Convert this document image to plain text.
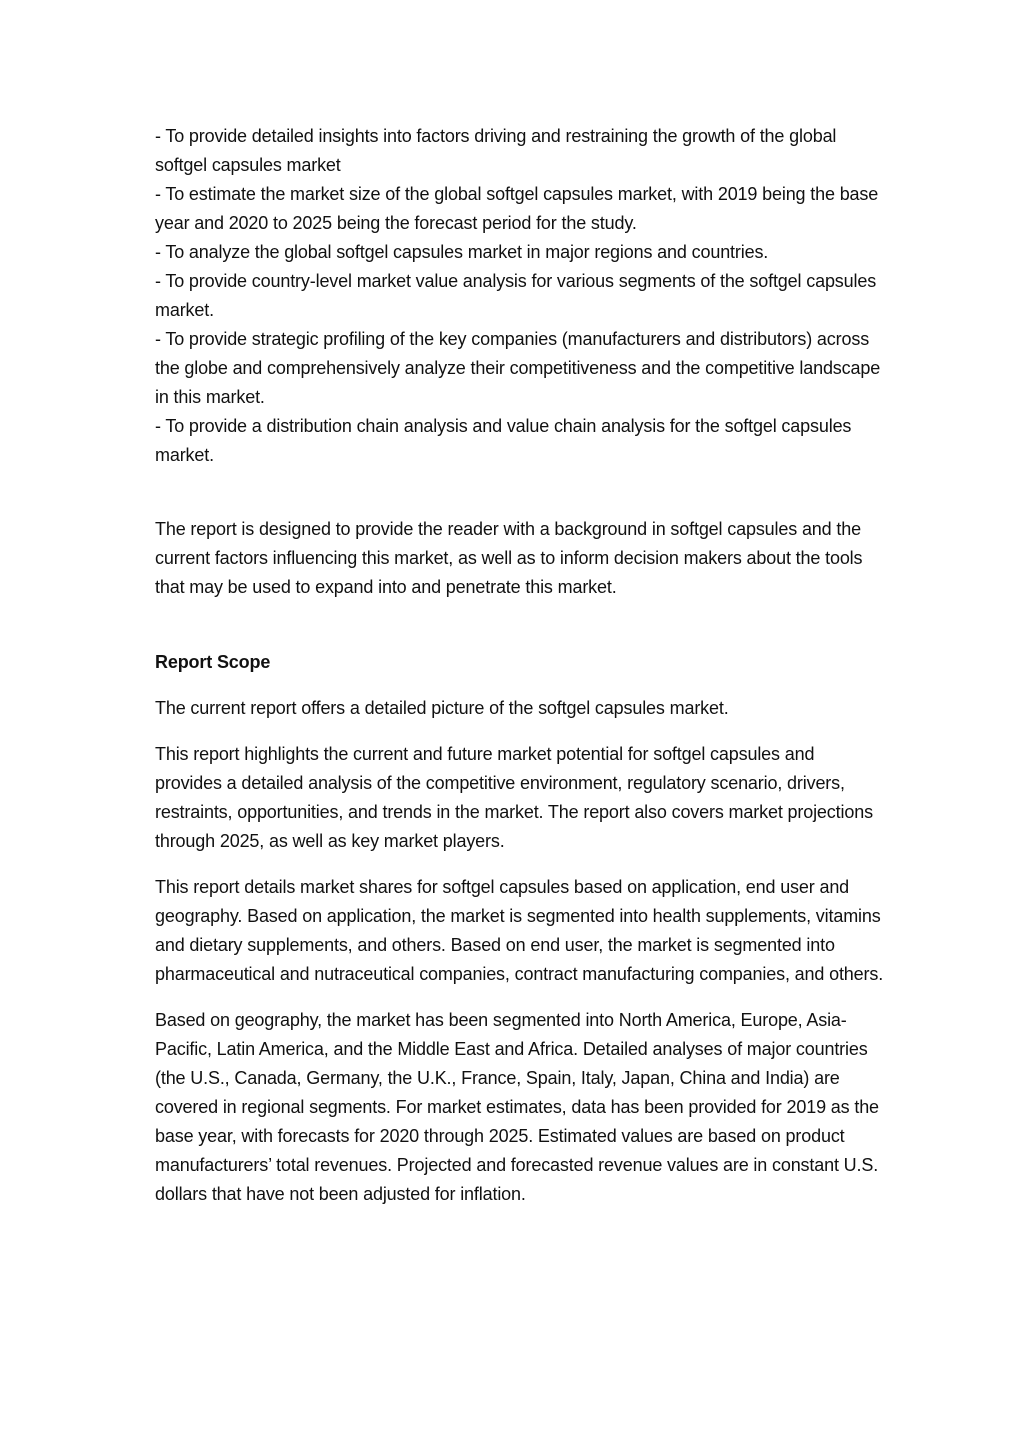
- To provide detailed insights into factors driving and restraining the growth of the global softgel capsules market

- To estimate the market size of the global softgel capsules market, with 2019 being the base year and 2020 to 2025 being the forecast period for the study.

- To analyze the global softgel capsules market in major regions and countries.

- To provide country-level market value analysis for various segments of the softgel capsules market.

- To provide strategic profiling of the key companies (manufacturers and distributors) across the globe and comprehensively analyze their competitiveness and the competitive landscape in this market.

- To provide a distribution chain analysis and value chain analysis for the softgel capsules market.

The report is designed to provide the reader with a background in softgel capsules and the current factors influencing this market, as well as to inform decision makers about the tools that may be used to expand into and penetrate this market.

Report Scope

The current report offers a detailed picture of the softgel capsules market.

This report highlights the current and future market potential for softgel capsules and provides a detailed analysis of the competitive environment, regulatory scenario, drivers, restraints, opportunities, and trends in the market. The report also covers market projections through 2025, as well as key market players.

This report details market shares for softgel capsules based on application, end user and geography. Based on application, the market is segmented into health supplements, vitamins and dietary supplements, and others. Based on end user, the market is segmented into pharmaceutical and nutraceutical companies, contract manufacturing companies, and others.

Based on geography, the market has been segmented into North America, Europe, Asia-Pacific, Latin America, and the Middle East and Africa. Detailed analyses of major countries (the U.S., Canada, Germany, the U.K., France, Spain, Italy, Japan, China and India) are covered in regional segments. For market estimates, data has been provided for 2019 as the base year, with forecasts for 2020 through 2025. Estimated values are based on product manufacturers’ total revenues. Projected and forecasted revenue values are in constant U.S. dollars that have not been adjusted for inflation.
